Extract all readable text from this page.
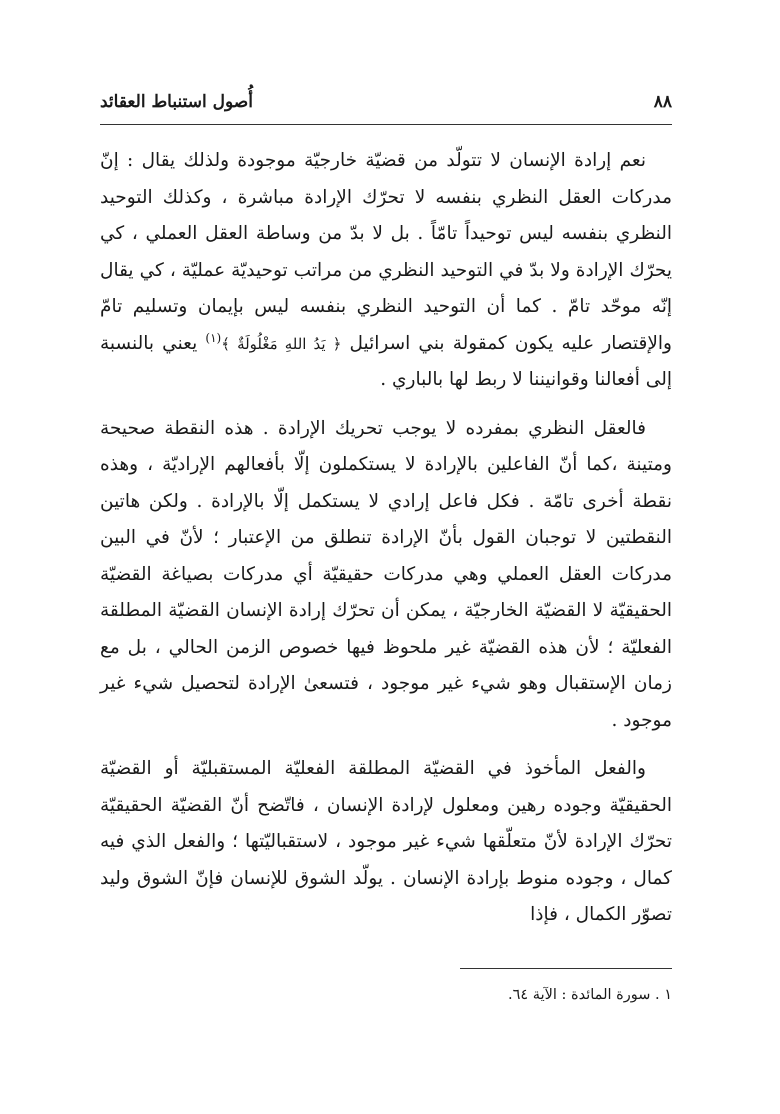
٨٨
أُصول استنباط العقائد

نعم إرادة الإنسان لا تتولّد من قضيّة خارجيّة موجودة ولذلك يقال : إنّ مدركات العقل النظري بنفسه لا تحرّك الإرادة مباشرة ، وكذلك التوحيد النظري بنفسه ليس توحيداً تامّاً . بل لا بدّ من وساطة العقل العملي ، كي يحرّك الإرادة ولا بدّ في التوحيد النظري من مراتب توحيديّة عمليّة ، كي يقال إنّه موحّد تامّ . كما أن التوحيد النظري بنفسه ليس بإيمان وتسليم تامّ والإقتصار عليه يكون كمقولة بني اسرائيل ﴿ يَدُ اللهِ مَغْلُولَةٌ ﴾$^{(١)}$ يعني بالنسبة إلى أفعالنا وقوانيننا لا ربط لها بالباري .

فالعقل النظري بمفرده لا يوجب تحريك الإرادة . هذه النقطة صحيحة ومتينة ،كما أنّ الفاعلين بالإرادة لا يستكملون إلّا بأفعالهم الإراديّة ، وهذه نقطة أخرى تامّة . فكل فاعل إرادي لا يستكمل إلّا بالإرادة . ولكن هاتين النقطتين لا توجبان القول بأنّ الإرادة تنطلق من الإعتبار ؛ لأنّ في البين مدركات العقل العملي وهي مدركات حقيقيّة أي مدركات بصياغة القضيّة الحقيقيّة لا القضيّة الخارجيّة ، يمكن أن تحرّك إرادة الإنسان القضيّة المطلقة الفعليّة ؛ لأن هذه القضيّة غير ملحوظ فيها خصوص الزمن الحالي ، بل مع زمان الإستقبال وهو شيء غير موجود ، فتسعىٰ الإرادة لتحصيل شيء غير موجود .

والفعل المأخوذ في القضيّة المطلقة الفعليّة المستقبليّة أو القضيّة الحقيقيّة وجوده رهين ومعلول لإرادة الإنسان ، فاتّضح أنّ القضيّة الحقيقيّة تحرّك الإرادة لأنّ متعلّقها شيء غير موجود ، لاستقباليّتها ؛ والفعل الذي فيه كمال ، وجوده منوط بإرادة الإنسان . يولّد الشوق للإنسان فإنّ الشوق وليد تصوّر الكمال ، فإذا

١ . سورة المائدة : الآية ٦٤.
